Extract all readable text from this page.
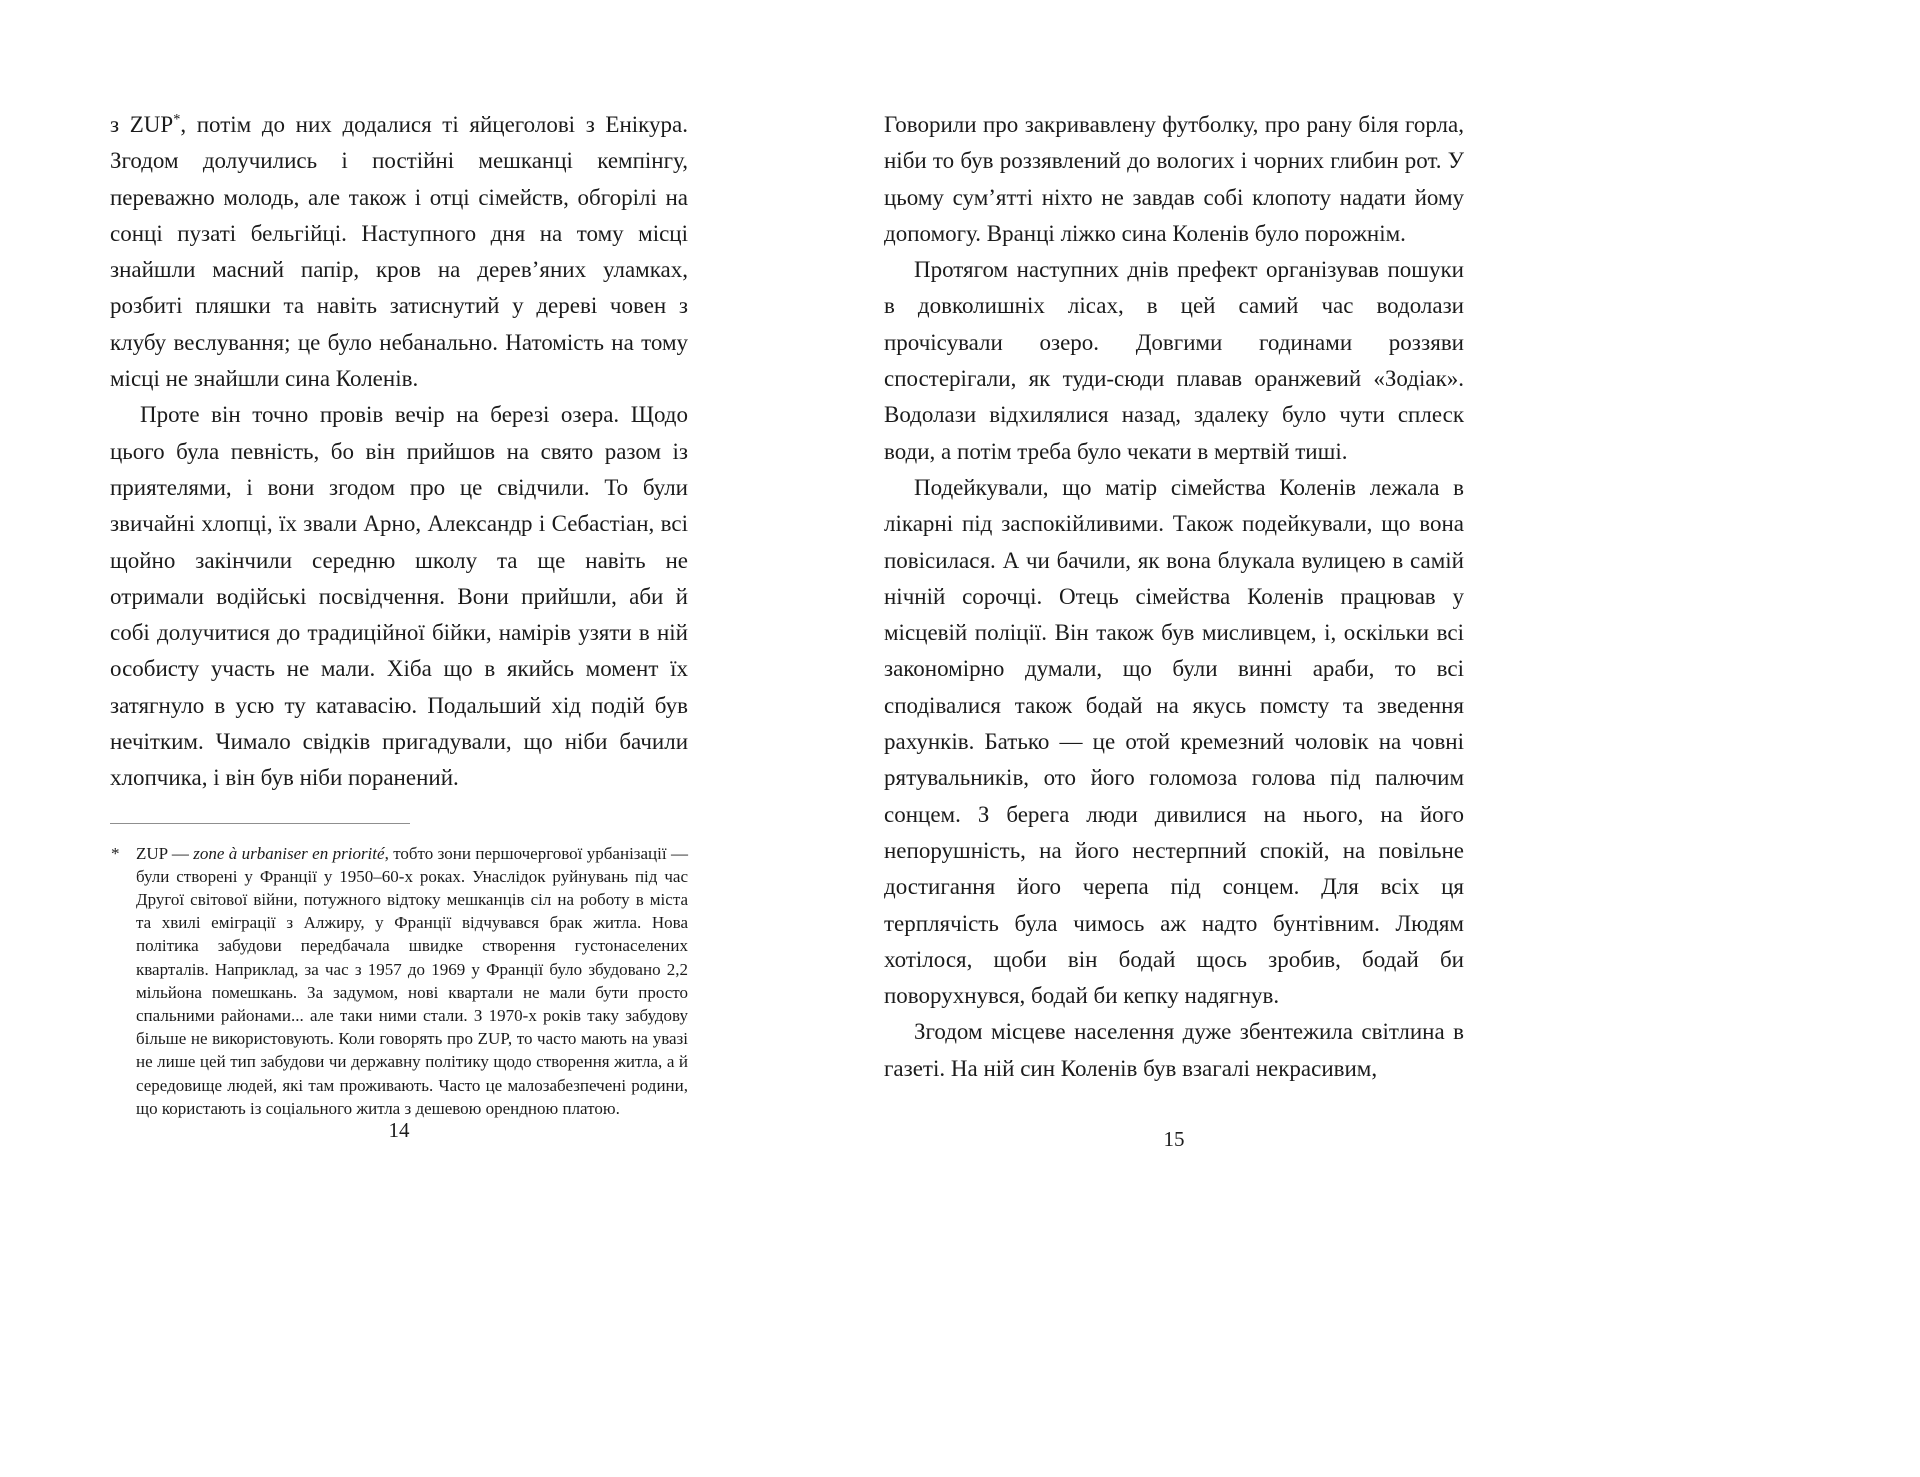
з ZUP*, потім до них додалися ті яйцеголові з Енікура. Згодом долучились і постійні мешканці кемпінгу, переважно молодь, але також і отці сімейств, обгорілі на сонці пузаті бельгійці. Наступного дня на тому місці знайшли масний папір, кров на дерев’яних уламках, розбиті пляшки та навіть затиснутий у дереві човен з клубу веслування; це було небанально. Натомість на тому місці не знайшли сина Коленів.

Проте він точно провів вечір на березі озера. Щодо цього була певність, бо він прийшов на свято разом із приятелями, і вони згодом про це свідчили. То були звичайні хлопці, їх звали Арно, Александр і Себастіан, всі щойно закінчили середню школу та ще навіть не отримали водійські посвідчення. Вони прийшли, аби й собі долучитися до традиційної бійки, намірів узяти в ній особисту участь не мали. Хіба що в якийсь момент їх затягнуло в усю ту катавасію. Подальший хід подій був нечітким. Чимало свідків пригадували, що ніби бачили хлопчика, і він був ніби поранений.

* ZUP — zone à urbaniser en priorité, тобто зони першочергової урбанізації — були створені у Франції у 1950–60-х роках. Унаслідок руйнувань під час Другої світової війни, потужного відтоку мешканців сіл на роботу в міста та хвилі еміграції з Алжиру, у Франції відчувався брак житла. Нова політика забудови передбачала швидке створення густонаселених кварталів. Наприклад, за час з 1957 до 1969 у Франції було збудовано 2,2 мільйона помешкань. За задумом, нові квартали не мали бути просто спальними районами... але таки ними стали. З 1970-х років таку забудову більше не використовують. Коли говорять про ZUP, то часто мають на увазі не лише цей тип забудови чи державну політику щодо створення житла, а й середовище людей, які там проживають. Часто це малозабезпечені родини, що користають із соціального житла з дешевою орендною платою.
14

Говорили про закривавлену футболку, про рану біля горла, ніби то був роззявлений до вологих і чорних глибин рот. У цьому сум’ятті ніхто не завдав собі клопоту надати йому допомогу. Вранці ліжко сина Коленів було порожнім.

Протягом наступних днів префект організував пошуки в довколишніх лісах, в цей самий час водолази прочісували озеро. Довгими годинами роззяви спостерігали, як туди-сюди плавав оранжевий «Зодіак». Водолази відхилялися назад, здалеку було чути сплеск води, а потім треба було чекати в мертвій тиші.

Подейкували, що матір сімейства Коленів лежала в лікарні під заспокійливими. Також подейкували, що вона повісилася. А чи бачили, як вона блукала вулицею в самій нічній сорочці. Отець сімейства Коленів працював у місцевій поліції. Він також був мисливцем, і, оскільки всі закономірно думали, що були винні араби, то всі сподівалися також бодай на якусь помсту та зведення рахунків. Батько — це отой кремезний чоловік на човні рятувальників, ото його голомоза голова під палючим сонцем. З берега люди дивилися на нього, на його непорушність, на його нестерпний спокій, на повільне достигання його черепа під сонцем. Для всіх ця терплячість була чимось аж надто бунтівним. Людям хотілося, щоби він бодай щось зробив, бодай би поворухнувся, бодай би кепку надягнув.

Згодом місцеве населення дуже збентежила світлина в газеті. На ній син Коленів був взагалі некрасивим,

15
